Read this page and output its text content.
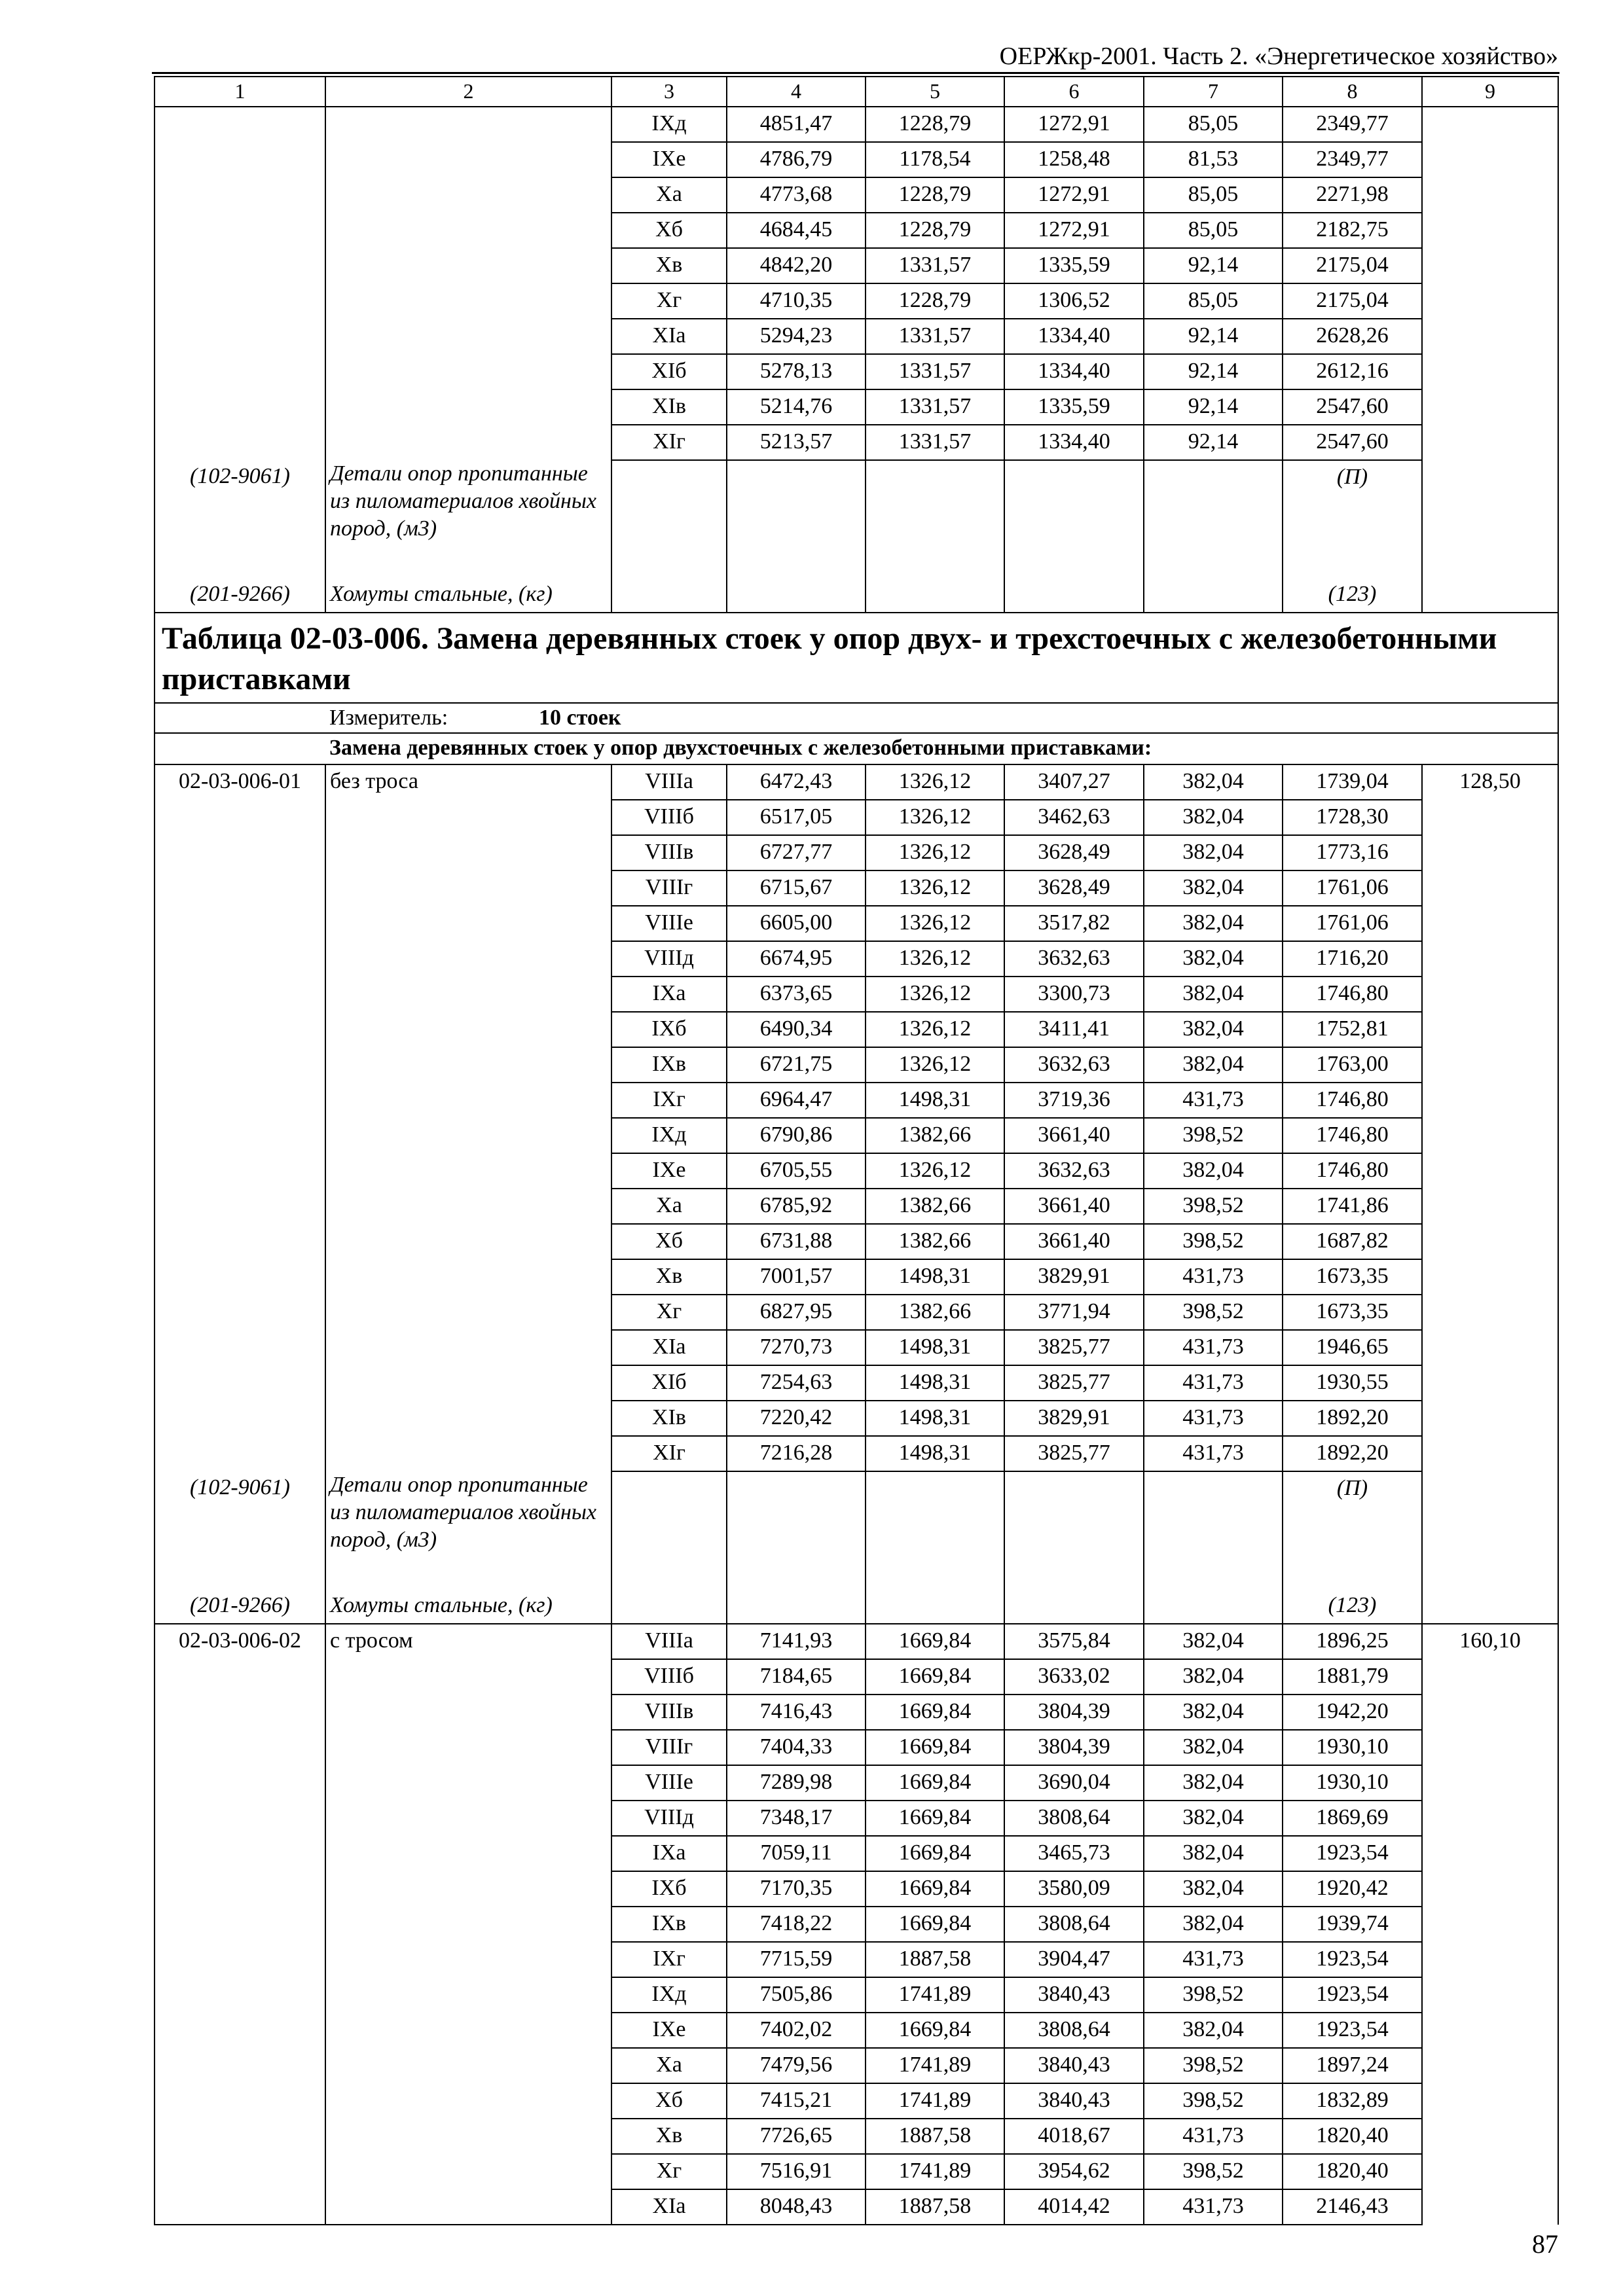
ОЕРЖкр-2001. Часть 2. «Энергетическое хозяйство»
1	2	3	4	5	6	7	8	9
		IXд	4851,47	1228,79	1272,91	85,05	2349,77	
		IXе	4786,79	1178,54	1258,48	81,53	2349,77	
		Xа	4773,68	1228,79	1272,91	85,05	2271,98	
		Xб	4684,45	1228,79	1272,91	85,05	2182,75	
		Xв	4842,20	1331,57	1335,59	92,14	2175,04	
		Xг	4710,35	1228,79	1306,52	85,05	2175,04	
		XIа	5294,23	1331,57	1334,40	92,14	2628,26	
		XIб	5278,13	1331,57	1334,40	92,14	2612,16	
		XIв	5214,76	1331,57	1335,59	92,14	2547,60	
		XIг	5213,57	1331,57	1334,40	92,14	2547,60	
(102-9061)	Детали опор пропитанные из пиломатериалов хвойных пород, (м3)						(П)	
(201-9266)	Хомуты стальные, (кг)						(123)	
Таблица 02-03-006. Замена деревянных стоек у опор двух- и трехстоечных с железобетонными приставками								
	Измеритель: 10 стоек							
	Замена деревянных стоек у опор двухстоечных с железобетонными приставками:							
02-03-006-01	без троса	VIIIа	6472,43	1326,12	3407,27	382,04	1739,04	128,50
		VIIIб	6517,05	1326,12	3462,63	382,04	1728,30	
		VIIIв	6727,77	1326,12	3628,49	382,04	1773,16	
		VIIIг	6715,67	1326,12	3628,49	382,04	1761,06	
		VIIIе	6605,00	1326,12	3517,82	382,04	1761,06	
		VIIIд	6674,95	1326,12	3632,63	382,04	1716,20	
		IXа	6373,65	1326,12	3300,73	382,04	1746,80	
		IXб	6490,34	1326,12	3411,41	382,04	1752,81	
		IXв	6721,75	1326,12	3632,63	382,04	1763,00	
		IXг	6964,47	1498,31	3719,36	431,73	1746,80	
		IXд	6790,86	1382,66	3661,40	398,52	1746,80	
		IXе	6705,55	1326,12	3632,63	382,04	1746,80	
		Xа	6785,92	1382,66	3661,40	398,52	1741,86	
		Xб	6731,88	1382,66	3661,40	398,52	1687,82	
		Xв	7001,57	1498,31	3829,91	431,73	1673,35	
		Xг	6827,95	1382,66	3771,94	398,52	1673,35	
		XIа	7270,73	1498,31	3825,77	431,73	1946,65	
		XIб	7254,63	1498,31	3825,77	431,73	1930,55	
		XIв	7220,42	1498,31	3829,91	431,73	1892,20	
		XIг	7216,28	1498,31	3825,77	431,73	1892,20	
(102-9061)	Детали опор пропитанные из пиломатериалов хвойных пород, (м3)						(П)	
(201-9266)	Хомуты стальные, (кг)						(123)	
02-03-006-02	с тросом	VIIIа	7141,93	1669,84	3575,84	382,04	1896,25	160,10
		VIIIб	7184,65	1669,84	3633,02	382,04	1881,79	
		VIIIв	7416,43	1669,84	3804,39	382,04	1942,20	
		VIIIг	7404,33	1669,84	3804,39	382,04	1930,10	
		VIIIе	7289,98	1669,84	3690,04	382,04	1930,10	
		VIIIд	7348,17	1669,84	3808,64	382,04	1869,69	
		IXа	7059,11	1669,84	3465,73	382,04	1923,54	
		IXб	7170,35	1669,84	3580,09	382,04	1920,42	
		IXв	7418,22	1669,84	3808,64	382,04	1939,74	
		IXг	7715,59	1887,58	3904,47	431,73	1923,54	
		IXд	7505,86	1741,89	3840,43	398,52	1923,54	
		IXе	7402,02	1669,84	3808,64	382,04	1923,54	
		Xа	7479,56	1741,89	3840,43	398,52	1897,24	
		Xб	7415,21	1741,89	3840,43	398,52	1832,89	
		Xв	7726,65	1887,58	4018,67	431,73	1820,40	
		Xг	7516,91	1741,89	3954,62	398,52	1820,40	
		XIа	8048,43	1887,58	4014,42	431,73	2146,43	
87
